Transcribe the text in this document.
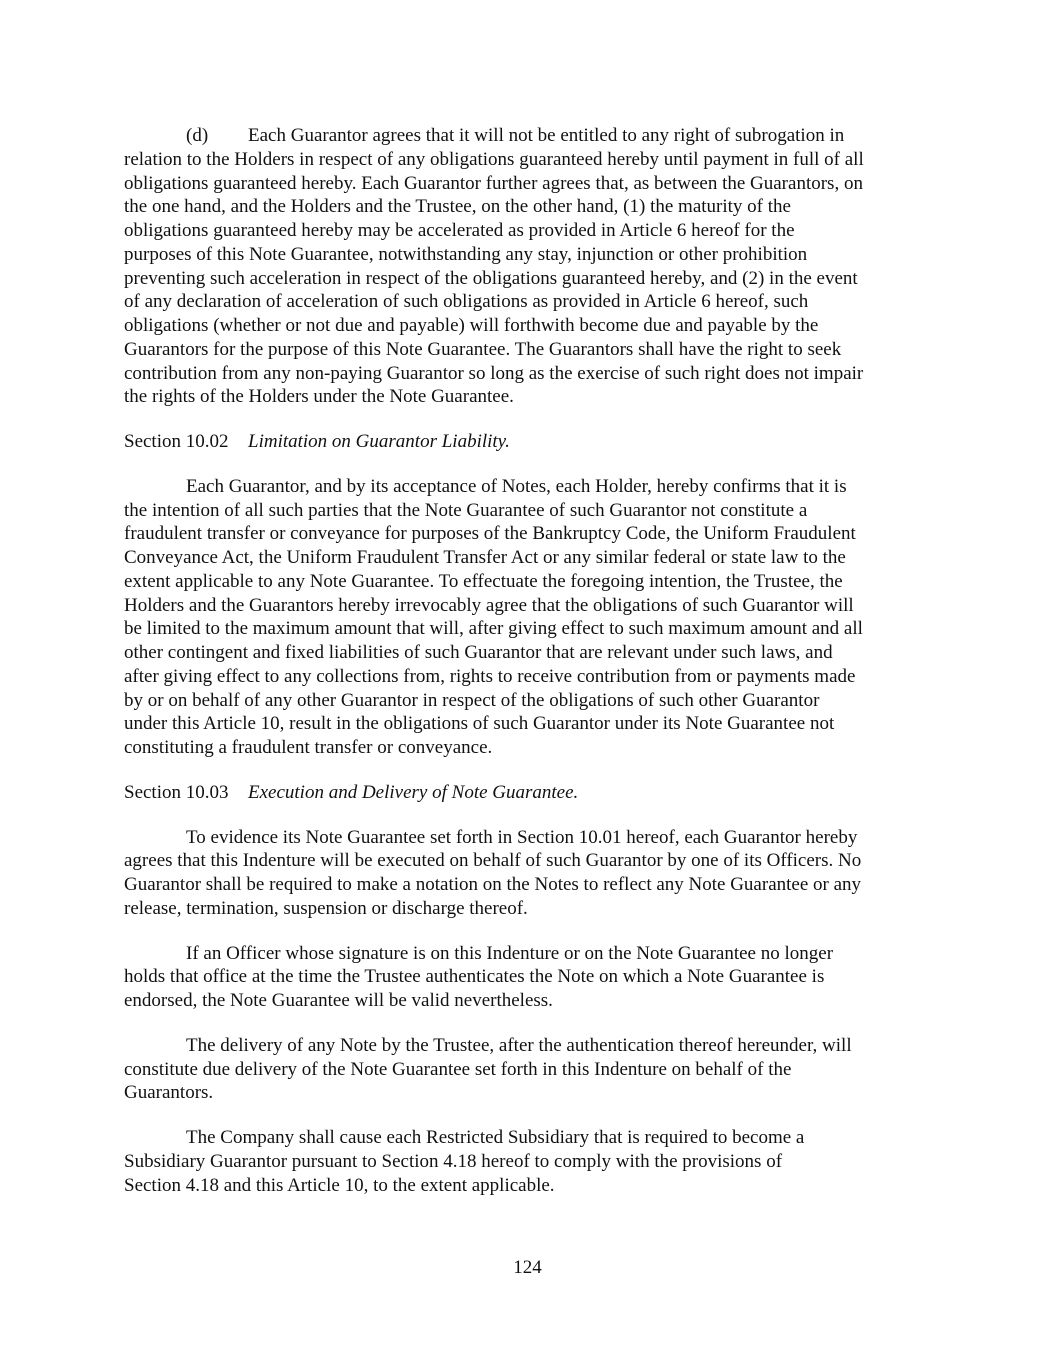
(d) Each Guarantor agrees that it will not be entitled to any right of subrogation in
relation to the Holders in respect of any obligations guaranteed hereby until payment in full of all
obligations guaranteed hereby. Each Guarantor further agrees that, as between the Guarantors, on
the one hand, and the Holders and the Trustee, on the other hand, (1) the maturity of the
obligations guaranteed hereby may be accelerated as provided in Article 6 hereof for the
purposes of this Note Guarantee, notwithstanding any stay, injunction or other prohibition
preventing such acceleration in respect of the obligations guaranteed hereby, and (2) in the event
of any declaration of acceleration of such obligations as provided in Article 6 hereof, such
obligations (whether or not due and payable) will forthwith become due and payable by the
Guarantors for the purpose of this Note Guarantee. The Guarantors shall have the right to seek
contribution from any non-paying Guarantor so long as the exercise of such right does not impair
the rights of the Holders under the Note Guarantee.
Section 10.02 Limitation on Guarantor Liability.
Each Guarantor, and by its acceptance of Notes, each Holder, hereby confirms that it is
the intention of all such parties that the Note Guarantee of such Guarantor not constitute a
fraudulent transfer or conveyance for purposes of the Bankruptcy Code, the Uniform Fraudulent
Conveyance Act, the Uniform Fraudulent Transfer Act or any similar federal or state law to the
extent applicable to any Note Guarantee. To effectuate the foregoing intention, the Trustee, the
Holders and the Guarantors hereby irrevocably agree that the obligations of such Guarantor will
be limited to the maximum amount that will, after giving effect to such maximum amount and all
other contingent and fixed liabilities of such Guarantor that are relevant under such laws, and
after giving effect to any collections from, rights to receive contribution from or payments made
by or on behalf of any other Guarantor in respect of the obligations of such other Guarantor
under this Article 10, result in the obligations of such Guarantor under its Note Guarantee not
constituting a fraudulent transfer or conveyance.
Section 10.03 Execution and Delivery of Note Guarantee.
To evidence its Note Guarantee set forth in Section 10.01 hereof, each Guarantor hereby
agrees that this Indenture will be executed on behalf of such Guarantor by one of its Officers. No
Guarantor shall be required to make a notation on the Notes to reflect any Note Guarantee or any
release, termination, suspension or discharge thereof.
If an Officer whose signature is on this Indenture or on the Note Guarantee no longer
holds that office at the time the Trustee authenticates the Note on which a Note Guarantee is
endorsed, the Note Guarantee will be valid nevertheless.
The delivery of any Note by the Trustee, after the authentication thereof hereunder, will
constitute due delivery of the Note Guarantee set forth in this Indenture on behalf of the
Guarantors.
The Company shall cause each Restricted Subsidiary that is required to become a
Subsidiary Guarantor pursuant to Section 4.18 hereof to comply with the provisions of
Section 4.18 and this Article 10, to the extent applicable.
124
